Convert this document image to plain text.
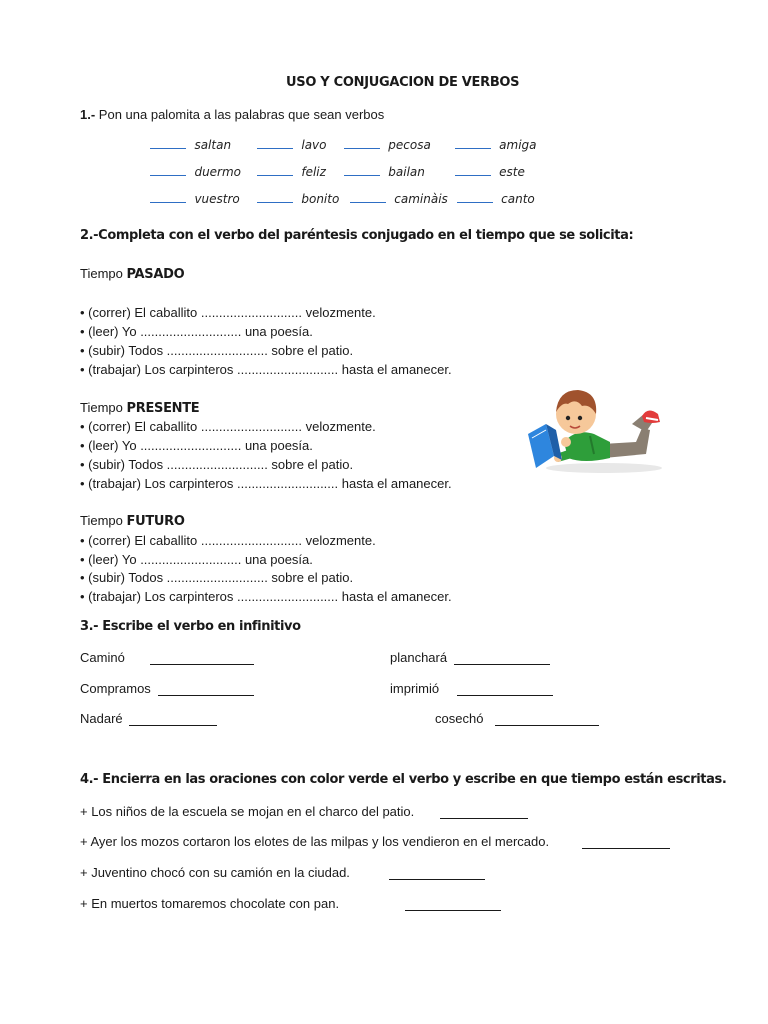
USO Y CONJUGACION DE VERBOS
1.- Pon una palomita a las palabras que sean verbos
saltan	lavo	pecosa	amiga
duermo	feliz	bailan	este
vuestro	bonito	caminàis	canto
2.-Completa con el verbo del paréntesis conjugado en el tiempo que se solicita:
Tiempo PASADO
• (correr) El caballito ............................ velozmente.
• (leer) Yo ............................ una poesía.
• (subir) Todos ............................ sobre el patio.
• (trabajar) Los carpinteros ............................ hasta el amanecer.
Tiempo PRESENTE
• (correr) El caballito ............................ velozmente.
• (leer) Yo ............................ una poesía.
• (subir) Todos ............................ sobre el patio.
• (trabajar) Los carpinteros ............................ hasta el amanecer.
Tiempo FUTURO
• (correr) El caballito ............................ velozmente.
• (leer) Yo ............................ una poesía.
• (subir) Todos ............................ sobre el patio.
• (trabajar) Los carpinteros ............................ hasta el amanecer.
3.- Escribe el verbo en infinitivo
Caminó	planchará
Compramos	imprimió
Nadaré	cosechó
4.- Encierra en las oraciones con color verde el verbo y escribe en que tiempo están escritas.
+ Los niños de la escuela se mojan en el charco del patio.
+ Ayer los mozos cortaron los elotes de las milpas y los vendieron en el mercado.
+ Juventino chocó con su camión en la ciudad.
+ En muertos tomaremos chocolate con pan.
